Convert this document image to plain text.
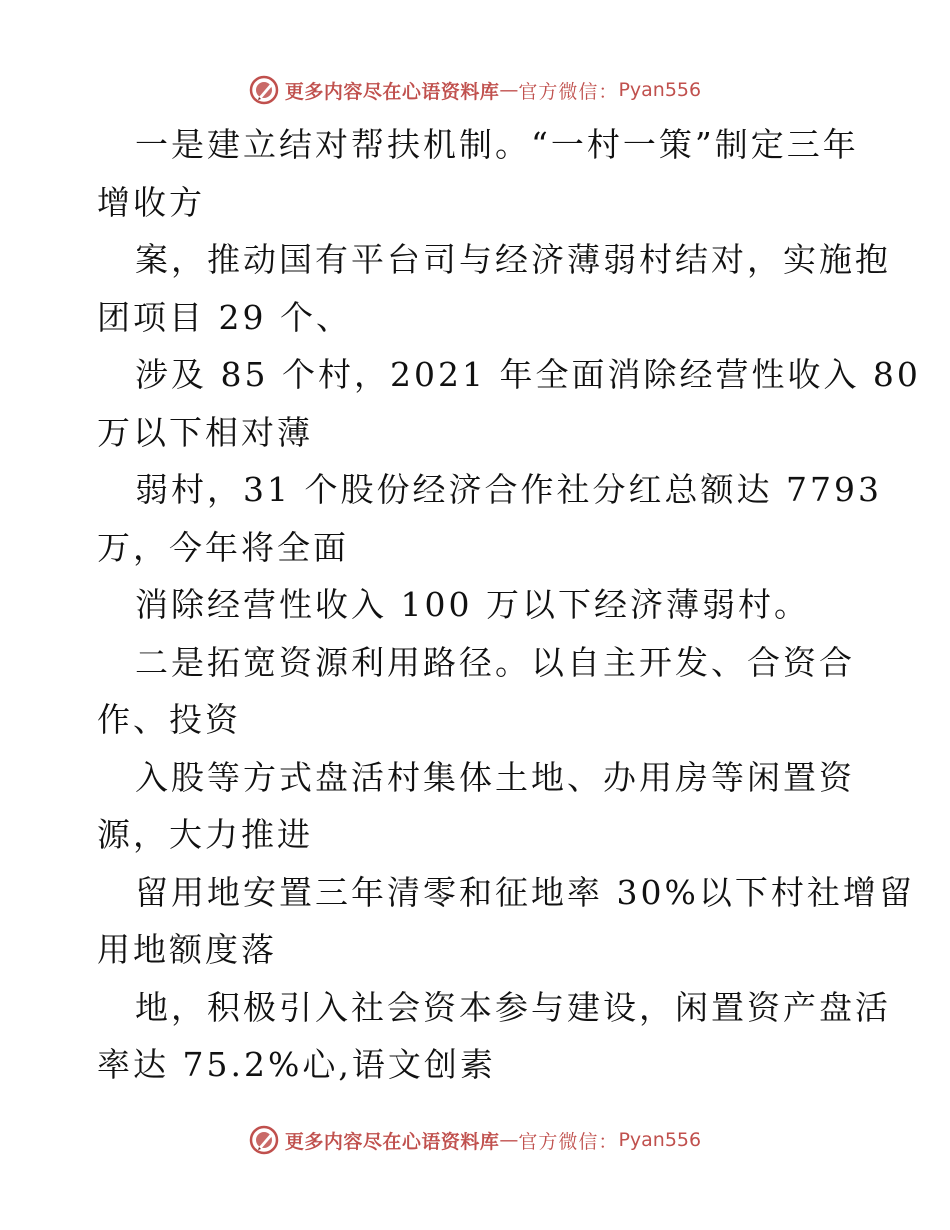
更多内容尽在心语资料库 — 官方微信： Pyan556
一是建立结对帮扶机制。“一村一策”制定三年
增收方
案，推动国有平台司与经济薄弱村结对，实施抱
团项目 29 个、
涉及 85 个村，2021 年全面消除经营性收入 80
万以下相对薄
弱村，31 个股份经济合作社分红总额达 7793
万，今年将全面
消除经营性收入 100 万以下经济薄弱村。
二是拓宽资源利用路径。以自主开发、合资合
作、投资
入股等方式盘活村集体土地、办用房等闲置资
源，大力推进
留用地安置三年清零和征地率 30%以下村社增留
用地额度落
地，积极引入社会资本参与建设，闲置资产盘活
率达 75.2%心,语文创素
更多内容尽在心语资料库 — 官方微信： Pyan556
